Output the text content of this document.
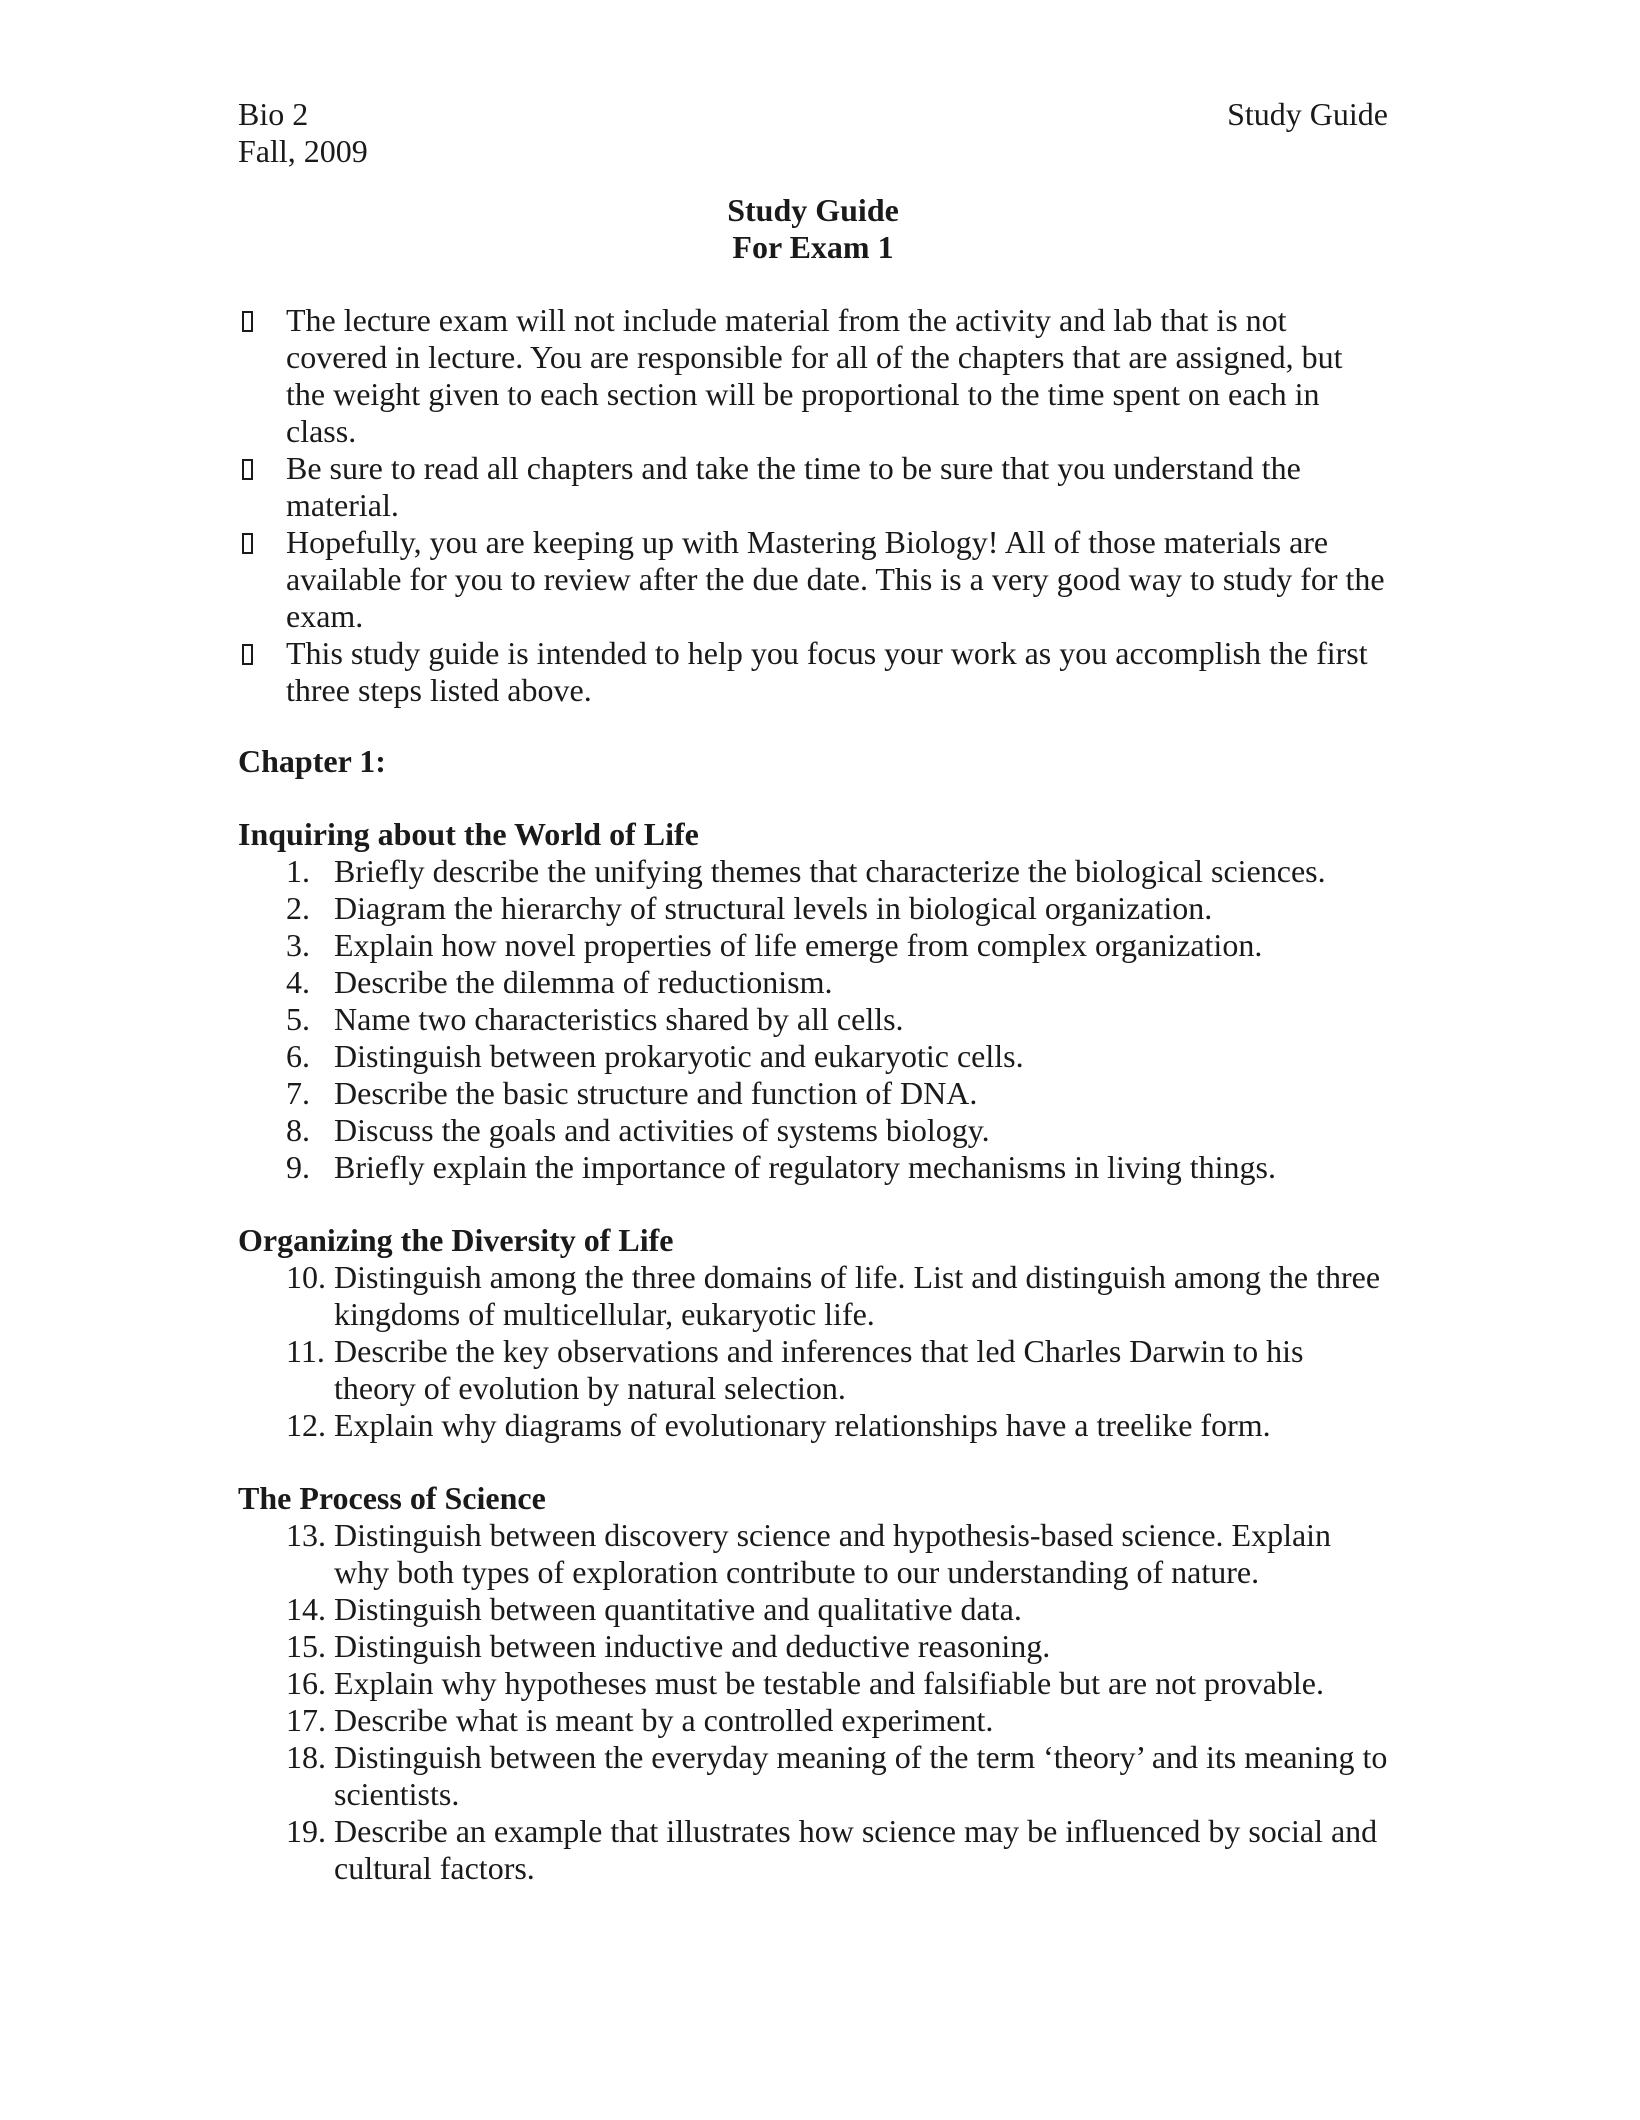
Bio 2
Fall, 2009
Study Guide
Study Guide
For Exam 1
The lecture exam will not include material from the activity and lab that is not covered in lecture. You are responsible for all of the chapters that are assigned, but the weight given to each section will be proportional to the time spent on each in class.
Be sure to read all chapters and take the time to be sure that you understand the material.
Hopefully, you are keeping up with Mastering Biology! All of those materials are available for you to review after the due date. This is a very good way to study for the exam.
This study guide is intended to help you focus your work as you accomplish the first three steps listed above.
Chapter 1:
Inquiring about the World of Life
1. Briefly describe the unifying themes that characterize the biological sciences.
2. Diagram the hierarchy of structural levels in biological organization.
3. Explain how novel properties of life emerge from complex organization.
4. Describe the dilemma of reductionism.
5. Name two characteristics shared by all cells.
6. Distinguish between prokaryotic and eukaryotic cells.
7. Describe the basic structure and function of DNA.
8. Discuss the goals and activities of systems biology.
9. Briefly explain the importance of regulatory mechanisms in living things.
Organizing the Diversity of Life
10. Distinguish among the three domains of life. List and distinguish among the three kingdoms of multicellular, eukaryotic life.
11. Describe the key observations and inferences that led Charles Darwin to his theory of evolution by natural selection.
12. Explain why diagrams of evolutionary relationships have a treelike form.
The Process of Science
13. Distinguish between discovery science and hypothesis-based science. Explain why both types of exploration contribute to our understanding of nature.
14. Distinguish between quantitative and qualitative data.
15. Distinguish between inductive and deductive reasoning.
16. Explain why hypotheses must be testable and falsifiable but are not provable.
17. Describe what is meant by a controlled experiment.
18. Distinguish between the everyday meaning of the term ‘theory’ and its meaning to scientists.
19. Describe an example that illustrates how science may be influenced by social and cultural factors.
